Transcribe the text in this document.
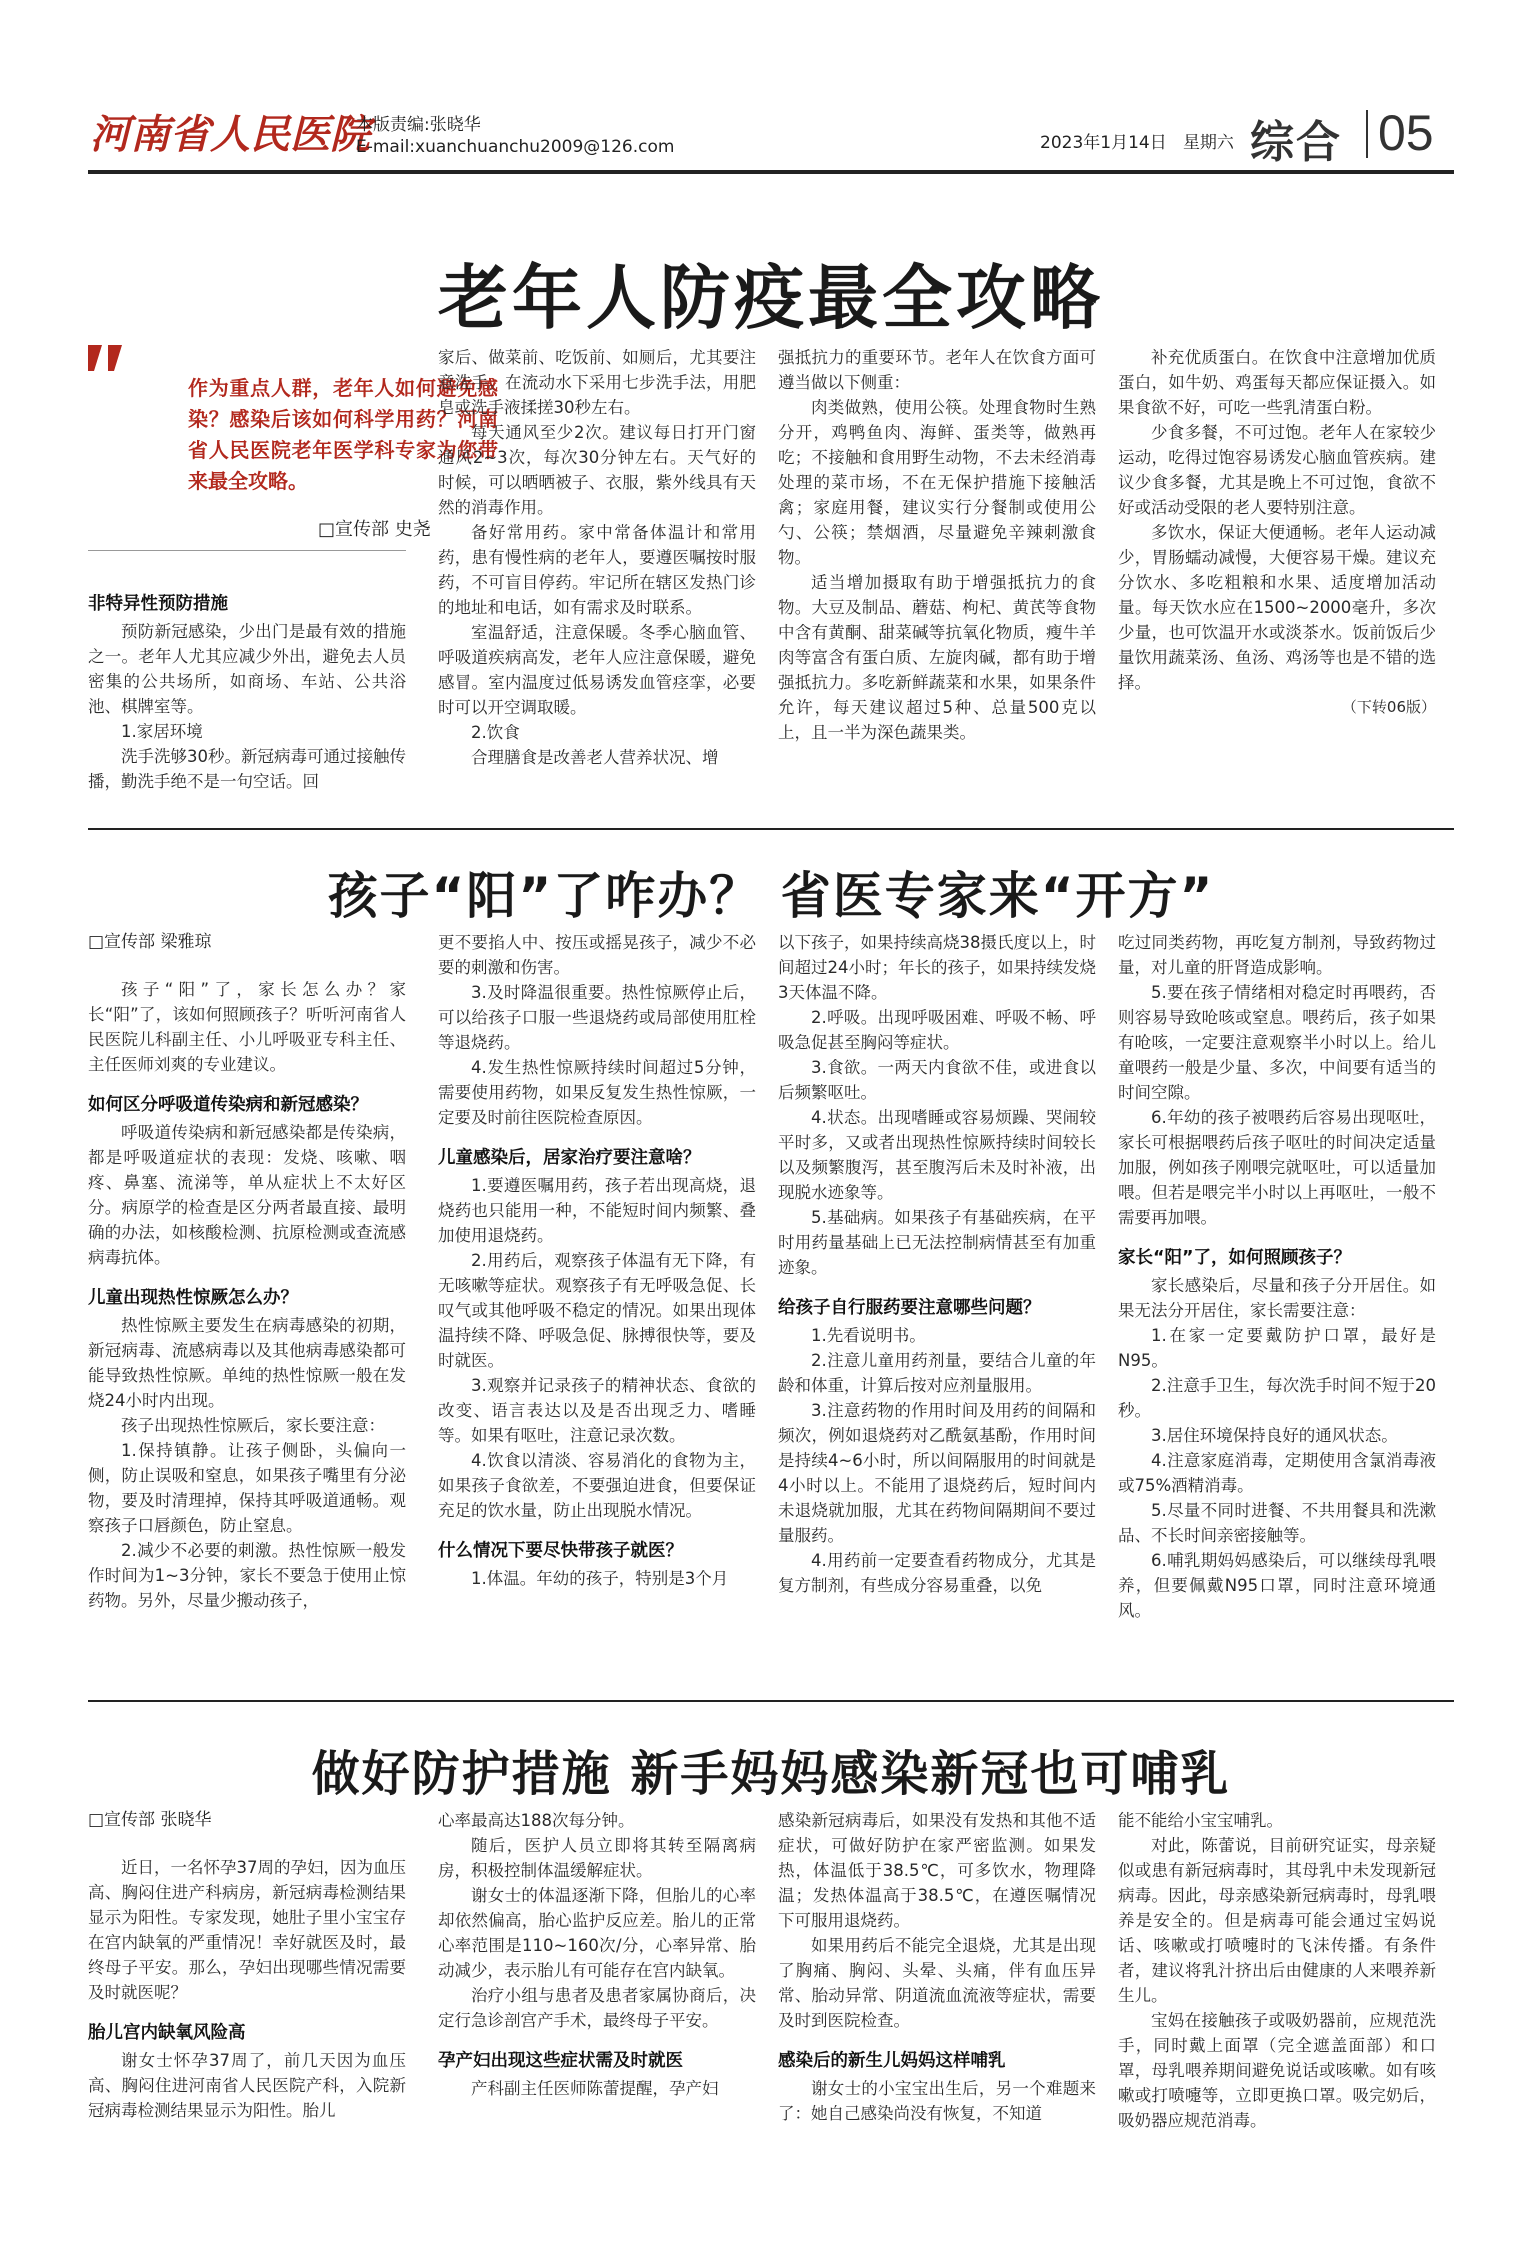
河南省人民医院
本版责编:张晓华
E-mail:xuanchuanchu2009@126.com	2023年1月14日 星期六 综合 05
老年人防疫最全攻略
作为重点人群，老年人如何避免感染？感染后该如何科学用药？河南省人民医院老年医学科专家为您带来最全攻略。
□宣传部 史尧

非特异性预防措施

预防新冠感染，少出门是最有效的措施之一。老年人尤其应减少外出，避免去人员密集的公共场所，如商场、车站、公共浴池、棋牌室等。

1.家居环境

洗手洗够30秒。新冠病毒可通过接触传播，勤洗手绝不是一句空话。回

家后、做菜前、吃饭前、如厕后，尤其要注意洗手。在流动水下采用七步洗手法，用肥皂或洗手液揉搓30秒左右。

每天通风至少2次。建议每日打开门窗通风2~3次，每次30分钟左右。天气好的时候，可以晒晒被子、衣服，紫外线具有天然的消毒作用。

备好常用药。家中常备体温计和常用药，患有慢性病的老年人，要遵医嘱按时服药，不可盲目停药。牢记所在辖区发热门诊的地址和电话，如有需求及时联系。

室温舒适，注意保暖。冬季心脑血管、呼吸道疾病高发，老年人应注意保暖，避免感冒。室内温度过低易诱发血管痉挛，必要时可以开空调取暖。

2.饮食

合理膳食是改善老人营养状况、增

强抵抗力的重要环节。老年人在饮食方面可遵当做以下侧重：

肉类做熟，使用公筷。处理食物时生熟分开，鸡鸭鱼肉、海鲜、蛋类等，做熟再吃；不接触和食用野生动物，不去未经消毒处理的菜市场，不在无保护措施下接触活禽；家庭用餐，建议实行分餐制或使用公勺、公筷；禁烟酒，尽量避免辛辣刺激食物。

适当增加摄取有助于增强抵抗力的食物。大豆及制品、蘑菇、枸杞、黄芪等食物中含有黄酮、甜菜碱等抗氧化物质，瘦牛羊肉等富含有蛋白质、左旋肉碱，都有助于增强抵抗力。多吃新鲜蔬菜和水果，如果条件允许，每天建议超过5种、总量500克以上，且一半为深色蔬果类。

补充优质蛋白。在饮食中注意增加优质蛋白，如牛奶、鸡蛋每天都应保证摄入。如果食欲不好，可吃一些乳清蛋白粉。

少食多餐，不可过饱。老年人在家较少运动，吃得过饱容易诱发心脑血管疾病。建议少食多餐，尤其是晚上不可过饱，食欲不好或活动受限的老人要特别注意。

多饮水，保证大便通畅。老年人运动减少，胃肠蠕动减慢，大便容易干燥。建议充分饮水、多吃粗粮和水果、适度增加活动量。每天饮水应在1500~2000毫升，多次少量，也可饮温开水或淡茶水。饭前饭后少量饮用蔬菜汤、鱼汤、鸡汤等也是不错的选择。

（下转06版）

孩子“阳”了咋办？ 省医专家来“开方”

□宣传部 梁雅琼

孩子“阳”了，家长怎么办？家长“阳”了，该如何照顾孩子？听听河南省人民医院儿科副主任、小儿呼吸亚专科主任、主任医师刘爽的专业建议。

如何区分呼吸道传染病和新冠感染？

呼吸道传染病和新冠感染都是传染病，都是呼吸道症状的表现：发烧、咳嗽、咽疼、鼻塞、流涕等，单从症状上不太好区分。病原学的检查是区分两者最直接、最明确的办法，如核酸检测、抗原检测或查流感病毒抗体。

儿童出现热性惊厥怎么办？

热性惊厥主要发生在病毒感染的初期，新冠病毒、流感病毒以及其他病毒感染都可能导致热性惊厥。单纯的热性惊厥一般在发烧24小时内出现。

孩子出现热性惊厥后，家长要注意：

1.保持镇静。让孩子侧卧，头偏向一侧，防止误吸和窒息，如果孩子嘴里有分泌物，要及时清理掉，保持其呼吸道通畅。观察孩子口唇颜色，防止窒息。

2.减少不必要的刺激。热性惊厥一般发作时间为1~3分钟，家长不要急于使用止惊药物。另外，尽量少搬动孩子，

更不要掐人中、按压或摇晃孩子，减少不必要的刺激和伤害。

3.及时降温很重要。热性惊厥停止后，可以给孩子口服一些退烧药或局部使用肛栓等退烧药。

4.发生热性惊厥持续时间超过5分钟，需要使用药物，如果反复发生热性惊厥，一定要及时前往医院检查原因。

儿童感染后，居家治疗要注意啥？

1.要遵医嘱用药，孩子若出现高烧，退烧药也只能用一种，不能短时间内频繁、叠加使用退烧药。

2.用药后，观察孩子体温有无下降，有无咳嗽等症状。观察孩子有无呼吸急促、长叹气或其他呼吸不稳定的情况。如果出现体温持续不降、呼吸急促、脉搏很快等，要及时就医。

3.观察并记录孩子的精神状态、食欲的改变、语言表达以及是否出现乏力、嗜睡等。如果有呕吐，注意记录次数。

4.饮食以清淡、容易消化的食物为主，如果孩子食欲差，不要强迫进食，但要保证充足的饮水量，防止出现脱水情况。

什么情况下要尽快带孩子就医？

1.体温。年幼的孩子，特别是3个月

以下孩子，如果持续高烧38摄氏度以上，时间超过24小时；年长的孩子，如果持续发烧3天体温不降。

2.呼吸。出现呼吸困难、呼吸不畅、呼吸急促甚至胸闷等症状。

3.食欲。一两天内食欲不佳，或进食以后频繁呕吐。

4.状态。出现嗜睡或容易烦躁、哭闹较平时多，又或者出现热性惊厥持续时间较长以及频繁腹泻，甚至腹泻后未及时补液，出现脱水迹象等。

5.基础病。如果孩子有基础疾病，在平时用药量基础上已无法控制病情甚至有加重迹象。

给孩子自行服药要注意哪些问题？

1.先看说明书。

2.注意儿童用药剂量，要结合儿童的年龄和体重，计算后按对应剂量服用。

3.注意药物的作用时间及用药的间隔和频次，例如退烧药对乙酰氨基酚，作用时间是持续4~6小时，所以间隔服用的时间就是4小时以上。不能用了退烧药后，短时间内未退烧就加服，尤其在药物间隔期间不要过量服药。

4.用药前一定要查看药物成分，尤其是复方制剂，有些成分容易重叠，以免

吃过同类药物，再吃复方制剂，导致药物过量，对儿童的肝肾造成影响。

5.要在孩子情绪相对稳定时再喂药，否则容易导致呛咳或窒息。喂药后，孩子如果有呛咳，一定要注意观察半小时以上。给儿童喂药一般是少量、多次，中间要有适当的时间空隙。

6.年幼的孩子被喂药后容易出现呕吐，家长可根据喂药后孩子呕吐的时间决定适量加服，例如孩子刚喂完就呕吐，可以适量加喂。但若是喂完半小时以上再呕吐，一般不需要再加喂。

家长“阳”了，如何照顾孩子？

家长感染后，尽量和孩子分开居住。如果无法分开居住，家长需要注意：

1.在家一定要戴防护口罩，最好是N95。

2.注意手卫生，每次洗手时间不短于20秒。

3.居住环境保持良好的通风状态。

4.注意家庭消毒，定期使用含氯消毒液或75%酒精消毒。

5.尽量不同时进餐、不共用餐具和洗漱品、不长时间亲密接触等。

6.哺乳期妈妈感染后，可以继续母乳喂养，但要佩戴N95口罩，同时注意环境通风。

做好防护措施 新手妈妈感染新冠也可哺乳

□宣传部 张晓华

近日，一名怀孕37周的孕妇，因为血压高、胸闷住进产科病房，新冠病毒检测结果显示为阳性。专家发现，她肚子里小宝宝存在宫内缺氧的严重情况！幸好就医及时，最终母子平安。那么，孕妇出现哪些情况需要及时就医呢？

胎儿宫内缺氧风险高

谢女士怀孕37周了，前几天因为血压高、胸闷住进河南省人民医院产科，入院新冠病毒检测结果显示为阳性。胎儿

心率最高达188次每分钟。

随后，医护人员立即将其转至隔离病房，积极控制体温缓解症状。

谢女士的体温逐渐下降，但胎儿的心率却依然偏高，胎心监护反应差。胎儿的正常心率范围是110~160次/分，心率异常、胎动减少，表示胎儿有可能存在宫内缺氧。

治疗小组与患者及患者家属协商后，决定行急诊剖宫产手术，最终母子平安。

孕产妇出现这些症状需及时就医

产科副主任医师陈蕾提醒，孕产妇

感染新冠病毒后，如果没有发热和其他不适症状，可做好防护在家严密监测。如果发热，体温低于38.5℃，可多饮水，物理降温；发热体温高于38.5℃，在遵医嘱情况下可服用退烧药。

如果用药后不能完全退烧，尤其是出现了胸痛、胸闷、头晕、头痛，伴有血压异常、胎动异常、阴道流血流液等症状，需要及时到医院检查。

感染后的新生儿妈妈这样哺乳

谢女士的小宝宝出生后，另一个难题来了：她自己感染尚没有恢复，不知道

能不能给小宝宝哺乳。

对此，陈蕾说，目前研究证实，母亲疑似或患有新冠病毒时，其母乳中未发现新冠病毒。因此，母亲感染新冠病毒时，母乳喂养是安全的。但是病毒可能会通过宝妈说话、咳嗽或打喷嚏时的飞沫传播。有条件者，建议将乳汁挤出后由健康的人来喂养新生儿。

宝妈在接触孩子或吸奶器前，应规范洗手，同时戴上面罩（完全遮盖面部）和口罩，母乳喂养期间避免说话或咳嗽。如有咳嗽或打喷嚏等，立即更换口罩。吸完奶后，吸奶器应规范消毒。
